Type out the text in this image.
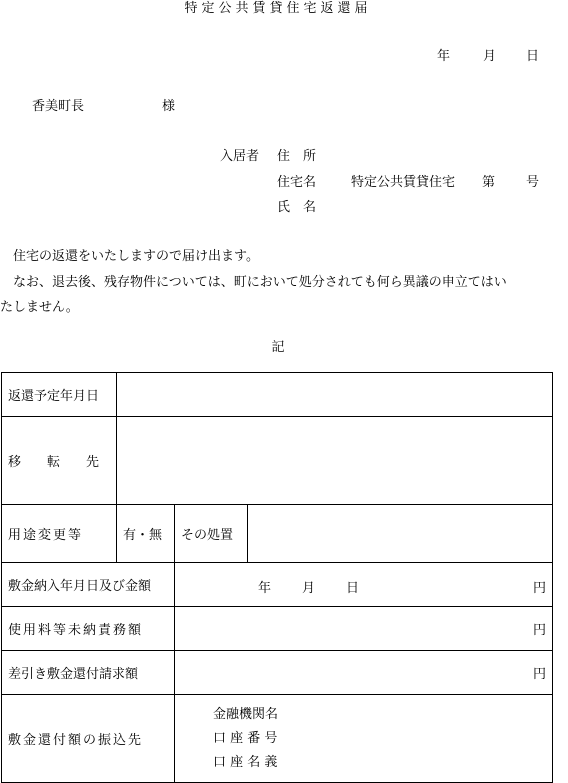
特定公共賃貸住宅返還届
年	月 日
香美町長	様
入居者 住　所
住宅名	特定公共賃貸住宅 第 号
氏　名
　住宅の返還をいたしますので届け出ます。
　なお、退去後、残存物件については、町において処分されても何ら異議の申立てはい
たしません。
記
返還予定年月日			
移　　転　　先			
用途変更等	有・無	その処置	
敷金納入年月日及び金額		年 月 日 円	

使用料等未納責務額		円	
差引き敷金還付請求額		円	
敷金還付額の振込先		金融機関名
口 座 番 号
口 座 名 義	
